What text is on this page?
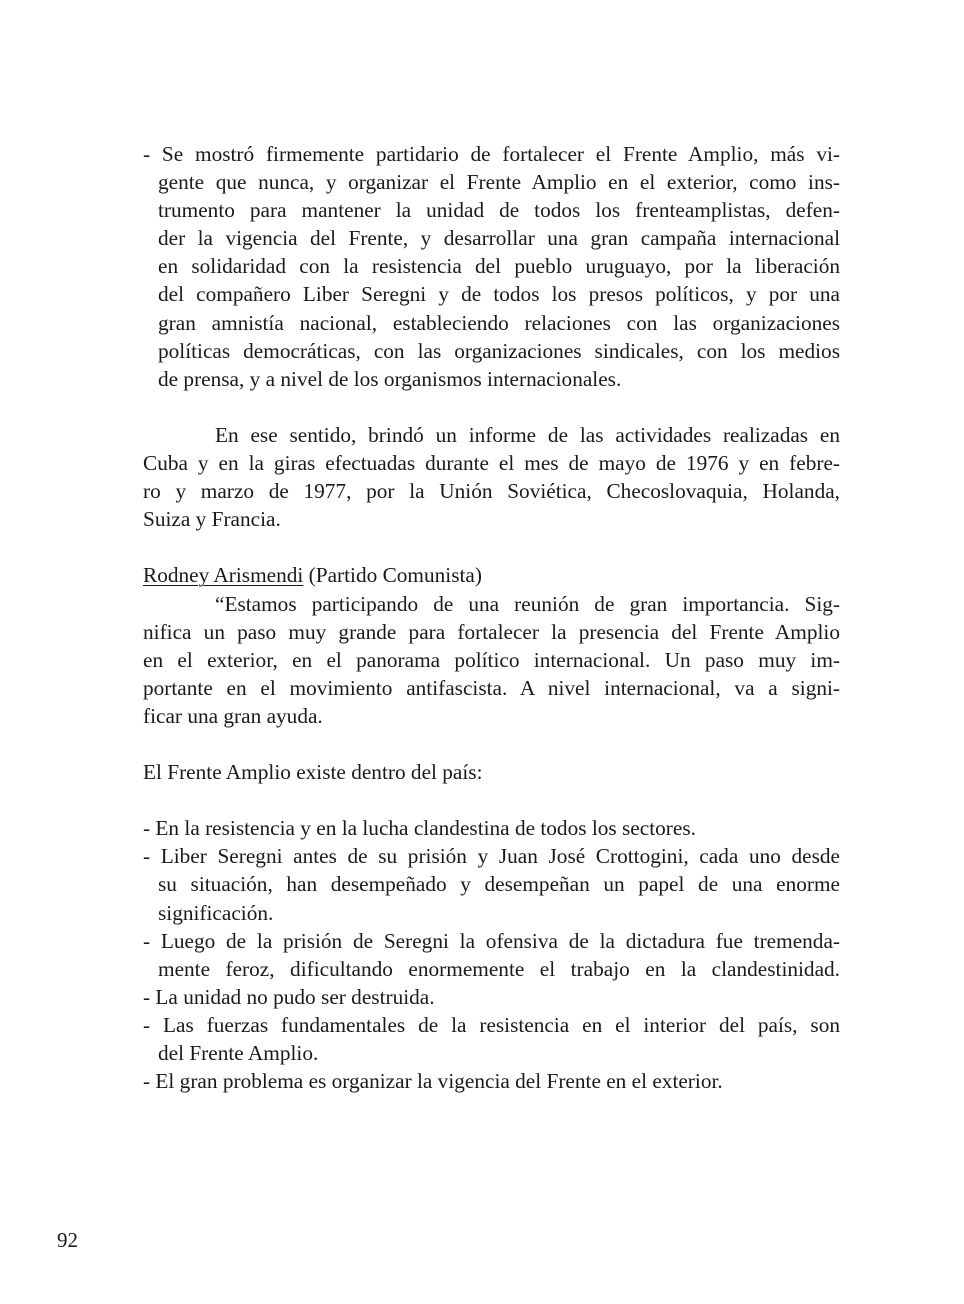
- Se mostró firmemente partidario de fortalecer el Frente Amplio, más vi-
gente que nunca, y organizar el Frente Amplio en el exterior, como ins-
trumento para mantener la unidad de todos los frenteamplistas, defen-
der la vigencia del Frente, y desarrollar una gran campaña internacional
en solidaridad con la resistencia del pueblo uruguayo, por la liberación
del compañero Liber Seregni y de todos los presos políticos, y por una
gran amnistía nacional, estableciendo relaciones con las organizaciones
políticas democráticas, con las organizaciones sindicales, con los medios
de prensa, y a nivel de los organismos internacionales.
En ese sentido, brindó un informe de las actividades realizadas en
Cuba y en la giras efectuadas durante el mes de mayo de 1976 y en febre-
ro y marzo de 1977, por la Unión Soviética, Checoslovaquia, Holanda,
Suiza y Francia.
Rodney Arismendi (Partido Comunista)
“Estamos participando de una reunión de gran importancia. Sig-
nifica un paso muy grande para fortalecer la presencia del Frente Amplio
en el exterior, en el panorama político internacional. Un paso muy im-
portante en el movimiento antifascista. A nivel internacional, va a signi-
ficar una gran ayuda.
El Frente Amplio existe dentro del país:
- En la resistencia y en la lucha clandestina de todos los sectores.
- Liber Seregni antes de su prisión y Juan José Crottogini, cada uno desde
su situación, han desempeñado y desempeñan un papel de una enorme
significación.
- Luego de la prisión de Seregni la ofensiva de la dictadura fue tremenda-
mente feroz, dificultando enormemente el trabajo en la clandestinidad.
- La unidad no pudo ser destruida.
- Las fuerzas fundamentales de la resistencia en el interior del país, son
del Frente Amplio.
- El gran problema es organizar la vigencia del Frente en el exterior.
92
